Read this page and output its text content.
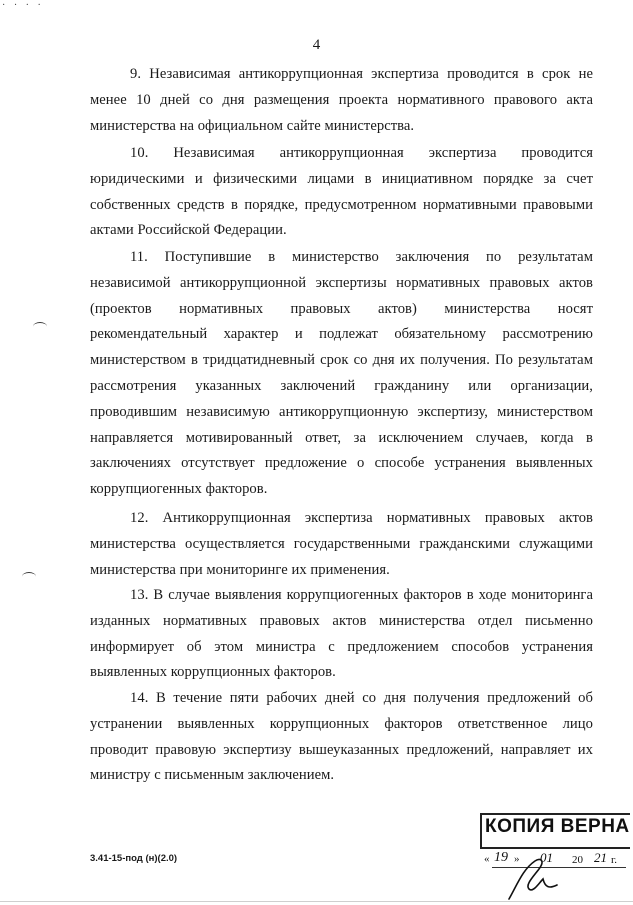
· · · ·
4

9. Независимая антикоррупционная экспертиза проводится в срок не менее 10 дней со дня размещения проекта нормативного правового акта министерства на официальном сайте министерства.

10. Независимая антикоррупционная экспертиза проводится юридическими и физическими лицами в инициативном порядке за счет собственных средств в порядке, предусмотренном нормативными правовыми актами Российской Федерации.

11. Поступившие в министерство заключения по результатам независимой антикоррупционной экспертизы нормативных правовых актов (проектов нормативных правовых актов) министерства носят рекомендательный характер и подлежат обязательному рассмотрению министерством в тридцатидневный срок со дня их получения. По результатам рассмотрения указанных заключений гражданину или организации, проводившим независимую антикоррупционную экспертизу, министерством направляется мотивированный ответ, за исключением случаев, когда в заключениях отсутствует предложение о способе устранения выявленных коррупциогенных факторов.

12. Антикоррупционная экспертиза нормативных правовых актов министерства осуществляется государственными гражданскими служащими министерства при мониторинге их применения.

13. В случае выявления коррупциогенных факторов в ходе мониторинга изданных нормативных правовых актов министерства отдел письменно информирует об этом министра с предложением способов устранения выявленных коррупционных факторов.

14. В течение пяти рабочих дней со дня получения предложений об устранении выявленных коррупционных факторов ответственное лицо проводит правовую экспертизу вышеуказанных предложений, направляет их министру с письменным заключением.

3.41-15-под (н)(2.0)
КОПИЯ ВЕРНА
« 19 » 01 20 21 г.
